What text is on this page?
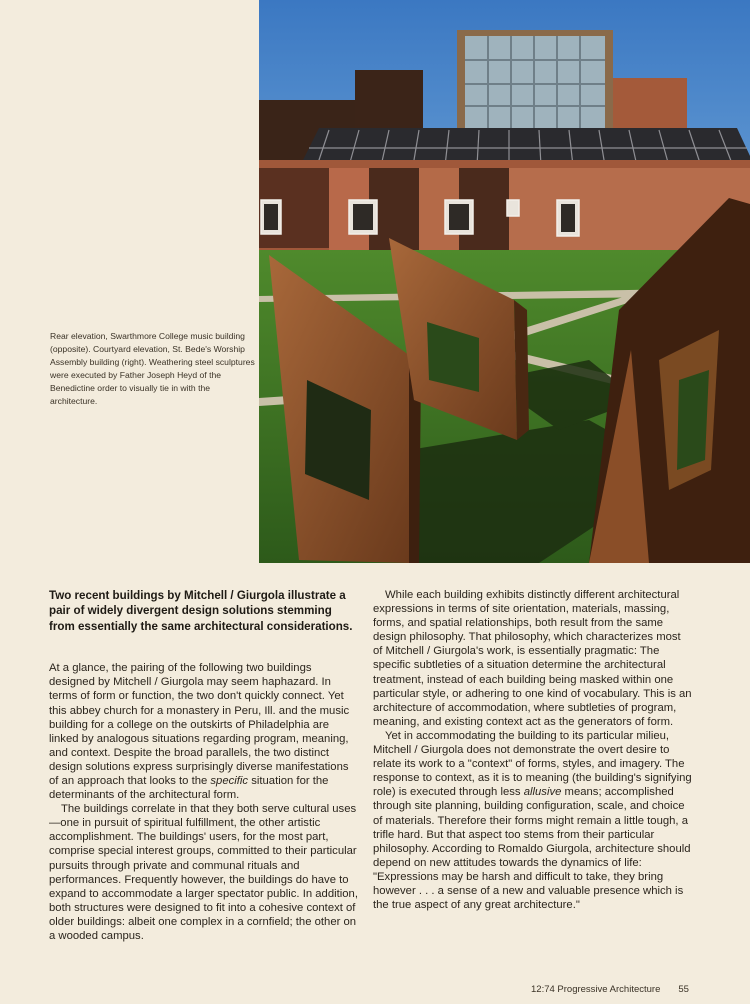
Rear elevation, Swarthmore College music building (opposite). Courtyard elevation, St. Bede's Worship Assembly building (right). Weathering steel sculptures were executed by Father Joseph Heyd of the Benedictine order to visually tie in with the architecture.

Two recent buildings by Mitchell / Giurgola illustrate a pair of widely divergent design solutions stemming from essentially the same architectural considerations.

At a glance, the pairing of the following two buildings designed by Mitchell / Giurgola may seem haphazard. In terms of form or function, the two don't quickly connect. Yet this abbey church for a monastery in Peru, Ill. and the music building for a college on the outskirts of Philadelphia are linked by analogous situations regarding program, meaning, and context. Despite the broad parallels, the two distinct design solutions express surprisingly diverse manifestations of an approach that looks to the specific situation for the determinants of the architectural form.

The buildings correlate in that they both serve cultural uses—one in pursuit of spiritual fulfillment, the other artistic accomplishment. The buildings' users, for the most part, comprise special interest groups, committed to their particular pursuits through private and communal rituals and performances. Frequently however, the buildings do have to expand to accommodate a larger spectator public. In addition, both structures were designed to fit into a cohesive context of older buildings: albeit one complex in a cornfield; the other on a wooded campus.

While each building exhibits distinctly different architectural expressions in terms of site orientation, materials, massing, forms, and spatial relationships, both result from the same design philosophy. That philosophy, which characterizes most of Mitchell / Giurgola's work, is essentially pragmatic: The specific subtleties of a situation determine the architectural treatment, instead of each building being masked within one particular style, or adhering to one kind of vocabulary. This is an architecture of accommodation, where subtleties of program, meaning, and existing context act as the generators of form.

Yet in accommodating the building to its particular milieu, Mitchell / Giurgola does not demonstrate the overt desire to relate its work to a "context" of forms, styles, and imagery. The response to context, as it is to meaning (the building's signifying role) is executed through less allusive means; accomplished through site planning, building configuration, scale, and choice of materials. Therefore their forms might remain a little tough, a trifle hard. But that aspect too stems from their particular philosophy. According to Romaldo Giurgola, architecture should depend on new attitudes towards the dynamics of life: "Expressions may be harsh and difficult to take, they bring however . . . a sense of a new and valuable presence which is the true aspect of any great architecture."

12:74 Progressive Architecture 55
